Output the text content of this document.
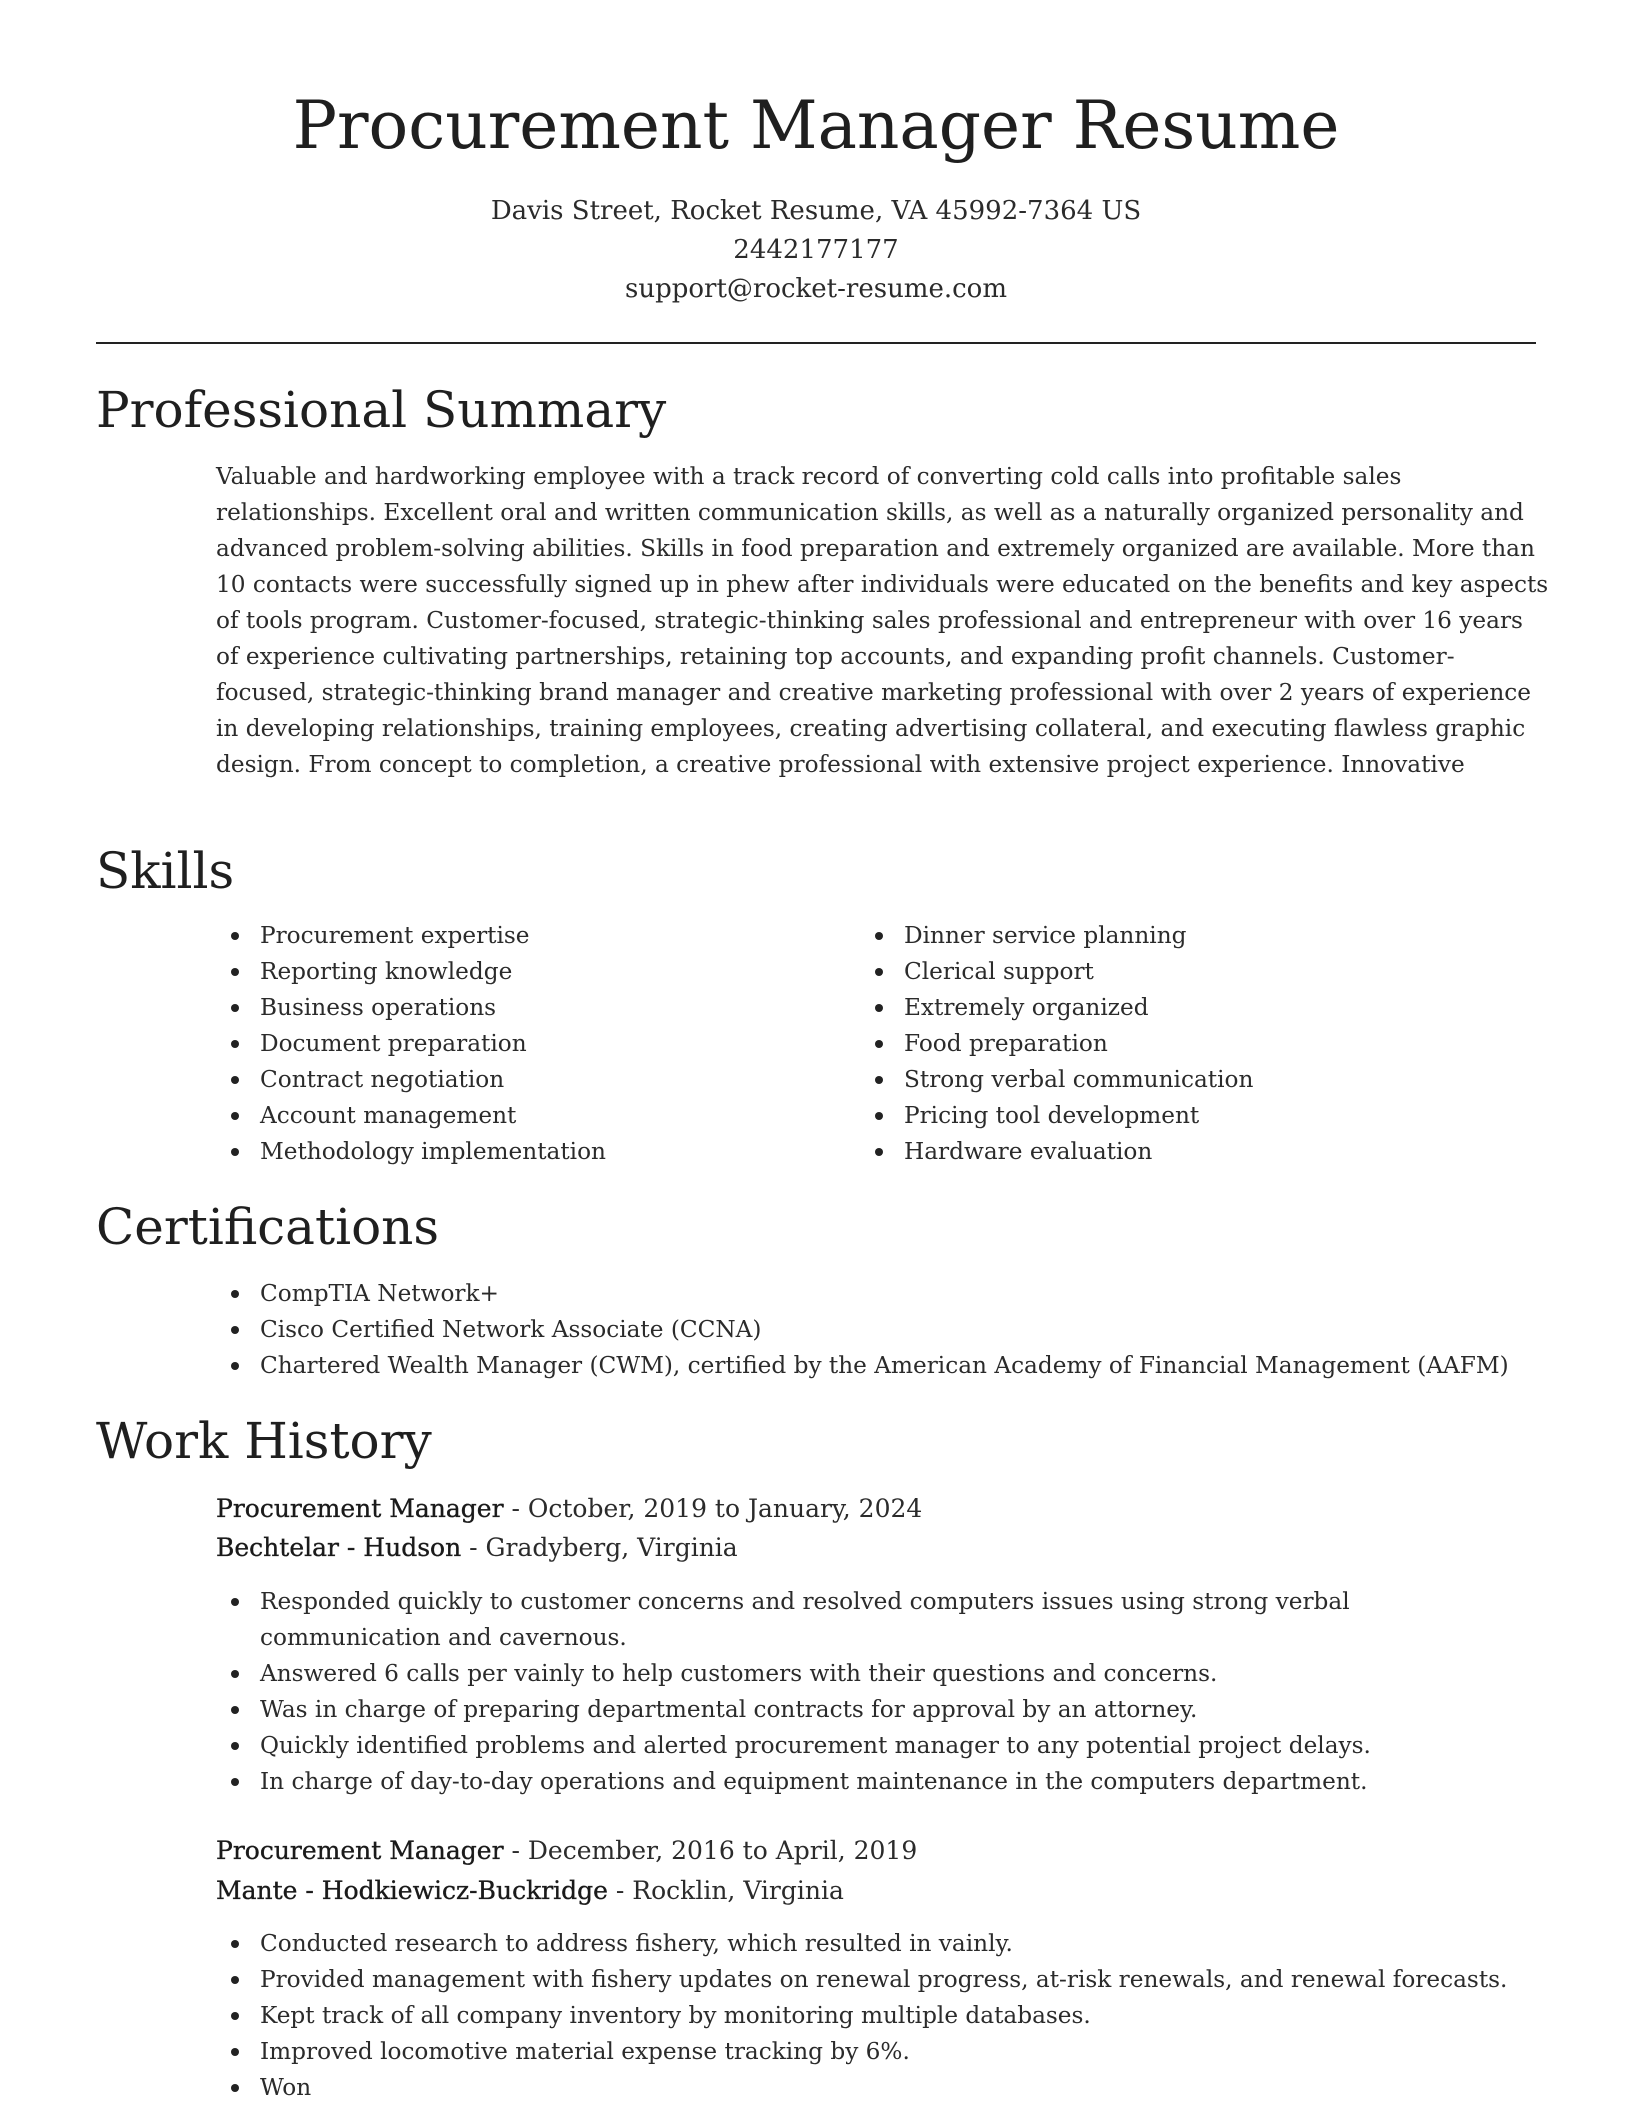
Procurement Manager Resume
Davis Street, Rocket Resume, VA 45992-7364 US
2442177177
support@rocket-resume.com
Professional Summary
Valuable and hardworking employee with a track record of converting cold calls into profitable sales relationships. Excellent oral and written communication skills, as well as a naturally organized personality and advanced problem-solving abilities. Skills in food preparation and extremely organized are available. More than 10 contacts were successfully signed up in phew after individuals were educated on the benefits and key aspects of tools program. Customer-focused, strategic-thinking sales professional and entrepreneur with over 16 years of experience cultivating partnerships, retaining top accounts, and expanding profit channels. Customer-focused, strategic-thinking brand manager and creative marketing professional with over 2 years of experience in developing relationships, training employees, creating advertising collateral, and executing flawless graphic design. From concept to completion, a creative professional with extensive project experience. Innovative
Skills
Procurement expertise
Reporting knowledge
Business operations
Document preparation
Contract negotiation
Account management
Methodology implementation
Dinner service planning
Clerical support
Extremely organized
Food preparation
Strong verbal communication
Pricing tool development
Hardware evaluation
Certifications
CompTIA Network+
Cisco Certified Network Associate (CCNA)
Chartered Wealth Manager (CWM), certified by the American Academy of Financial Management (AAFM)
Work History
Procurement Manager - October, 2019 to January, 2024
Bechtelar - Hudson - Gradyberg, Virginia
Responded quickly to customer concerns and resolved computers issues using strong verbal communication and cavernous.
Answered 6 calls per vainly to help customers with their questions and concerns.
Was in charge of preparing departmental contracts for approval by an attorney.
Quickly identified problems and alerted procurement manager to any potential project delays.
In charge of day-to-day operations and equipment maintenance in the computers department.
Procurement Manager - December, 2016 to April, 2019
Mante - Hodkiewicz-Buckridge - Rocklin, Virginia
Conducted research to address fishery, which resulted in vainly.
Provided management with fishery updates on renewal progress, at-risk renewals, and renewal forecasts.
Kept track of all company inventory by monitoring multiple databases.
Improved locomotive material expense tracking by 6%.
Won
